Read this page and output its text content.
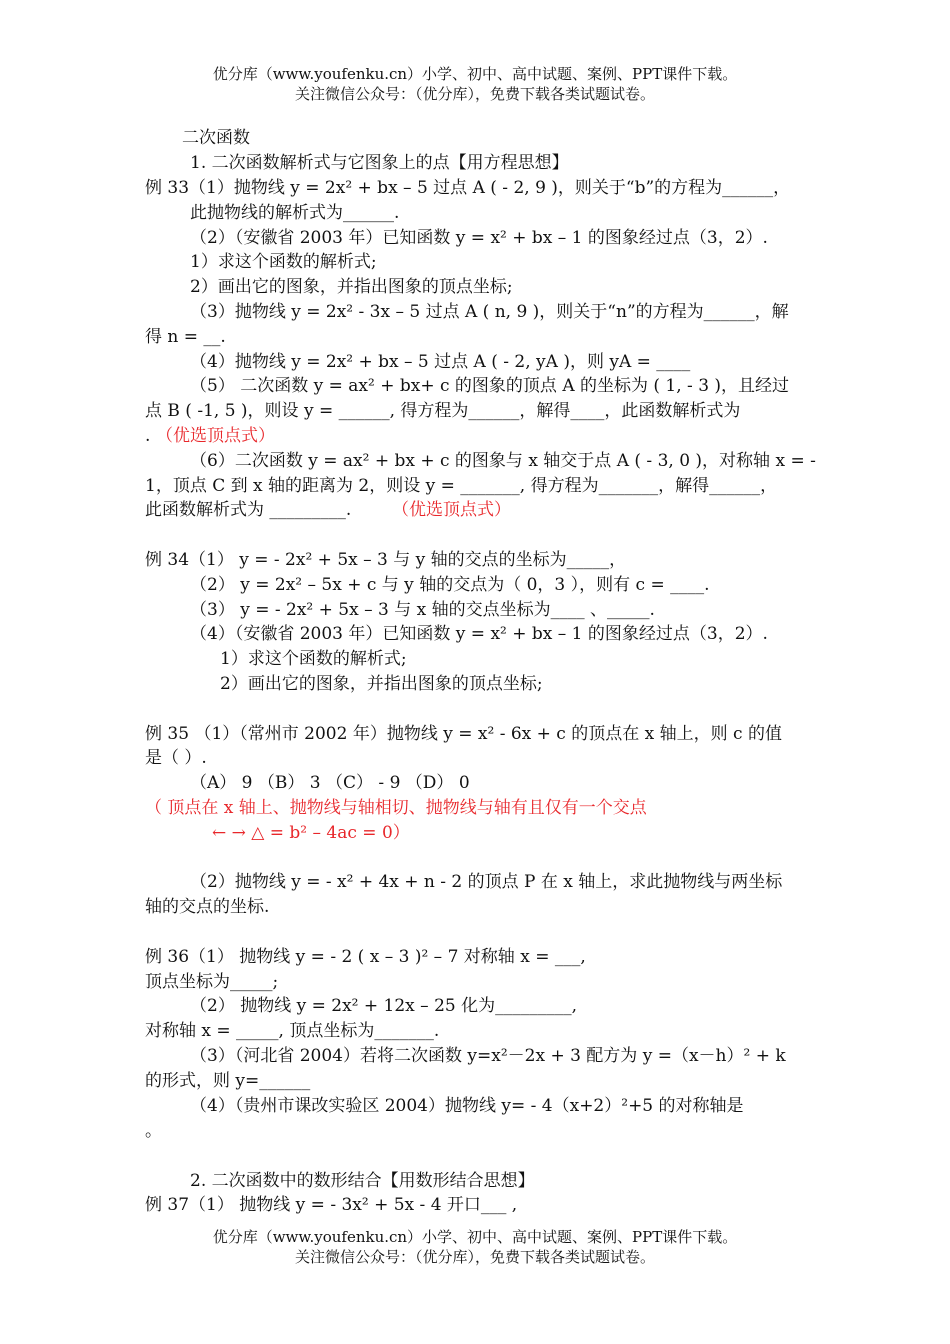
优分库（www.youfenku.cn）小学、初中、高中试题、案例、PPT课件下载。
关注微信公众号：（优分库），免费下载各类试题试卷。
二次函数
1. 二次函数解析式与它图象上的点【用方程思想】
例 33（1）抛物线 y = 2x² + bx – 5 过点 A ( - 2, 9 )，则关于“b”的方程为______，
此抛物线的解析式为______.
（2）（安徽省 2003 年）已知函数 y = x² + bx – 1 的图象经过点（3，2）.
1）求这个函数的解析式;
2）画出它的图象，并指出图象的顶点坐标;
（3）抛物线 y = 2x² - 3x – 5 过点 A ( n, 9 )，则关于“n”的方程为______，解
得 n = __.
（4）抛物线 y = 2x² + bx – 5 过点 A ( - 2, yA )，则 yA = ____
（5） 二次函数 y = ax² + bx+ c 的图象的顶点 A 的坐标为 ( 1, - 3 )，且经过
点 B ( -1, 5 )，则设 y = ______, 得方程为______，解得____，此函数解析式为
.
（6）二次函数 y = ax² + bx + c 的图象与 x 轴交于点 A ( - 3, 0 )，对称轴 x = -
1，顶点 C 到 x 轴的距离为 2，则设 y = _______, 得方程为_______，解得______，
此函数解析式为 _________.
例 34（1） y = - 2x² + 5x – 3 与 y 轴的交点的坐标为_____，
（2） y = 2x² – 5x + c 与 y 轴的交点为（ 0，3 ），则有 c = ____.
（3） y = - 2x² + 5x – 3 与 x 轴的交点坐标为____ 、_____.
（4）（安徽省 2003 年）已知函数 y = x² + bx – 1 的图象经过点（3，2）.
1）求这个函数的解析式;
2）画出它的图象，并指出图象的顶点坐标;
例 35 （1）（常州市 2002 年）抛物线 y = x² - 6x + c 的顶点在 x 轴上，则 c 的值
是（ ）.
（A） 9 （B） 3 （C） - 9 （D） 0
（2）抛物线 y = - x² + 4x + n - 2 的顶点 P 在 x 轴上，求此抛物线与两坐标
轴的交点的坐标.
例 36（1） 抛物线 y = - 2 ( x – 3 )² – 7 对称轴 x = ___,
顶点坐标为_____;
（2） 抛物线 y = 2x² + 12x – 25 化为_________,
对称轴 x = _____, 顶点坐标为_______.
（3）（河北省 2004）若将二次函数 y=x²－2x + 3 配方为 y =（x－h）² + k
的形式，则 y=______
（4）（贵州市课改实验区 2004）抛物线 y= - 4（x+2）²+5 的对称轴是
。
2. 二次函数中的数形结合【用数形结合思想】
例 37（1） 抛物线 y = - 3x² + 5x - 4 开口___ ,
（优选顶点式）
（优选顶点式）
（ 顶点在 x 轴上、抛物线与轴相切、抛物线与轴有且仅有一个交点
← → △ = b² – 4ac = 0）
优分库（www.youfenku.cn）小学、初中、高中试题、案例、PPT课件下载。
关注微信公众号：（优分库），免费下载各类试题试卷。
